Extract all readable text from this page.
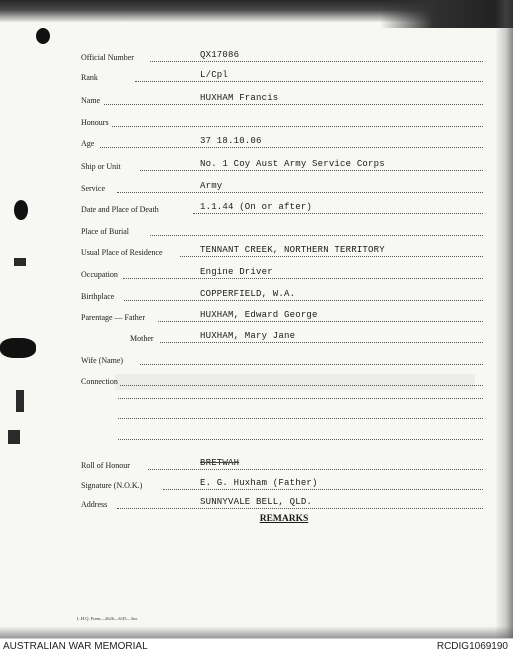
Official Number	QX17086
Rank	L/Cpl
Name	HUXHAM Francis
Honours
Age	37 18.10.06
Ship or Unit	No. 1 Coy Aust Army Service Corps
Service	Army
Date and Place of Death	1.1.44 (On or after)
Place of Burial
Usual Place of Residence	TENNANT CREEK, NORTHERN TERRITORY
Occupation	Engine Driver
Birthplace	COPPERFIELD, W.A.
Parentage — Father	HUXHAM, Edward George
Mother	HUXHAM, Mary Jane
Wife (Name)
Connection
Roll of Honour	BRETWAH
Signature (N.O.K.)	E. G. Huxham (Father)
Address	SUNNYVALE BELL, QLD.
REMARKS
L.H.Q. Form—2626—6/45—3m.
AUSTRALIAN WAR MEMORIAL	RCDIG1069190
